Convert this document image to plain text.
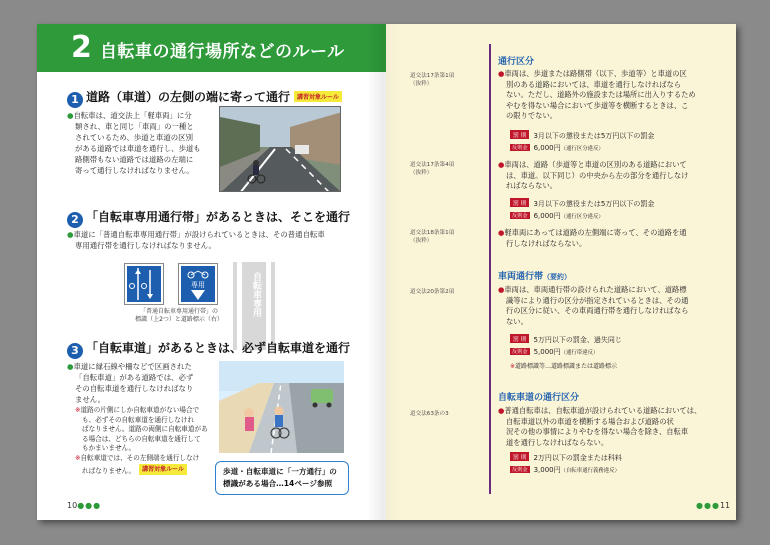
2 自転車の通行場所などのルール
1 道路（車道）の左側の端に寄って通行 講習対象ルール
●自転車は、道交法上「軽車両」に分
類され、車と同じ「車両」の一種と
されているため、歩道と車道の区別
がある道路では車道を通行し、歩道も
路側帯もない道路では道路の左端に
寄って通行しなければなりません。
2 「自転車専用通行帯」があるときは、そこを通行
●車道に「普通自転車専用通行帯」が設けられているときは、その普通自転車
専用通行帯を通行しなければなりません。
専用	自転車専用
「普通自転車専用通行帯」の
標識（上2つ）と道路標示（右）
3 「自転車道」があるときは、必ず自転車道を通行
●車道に縁石線や柵などで区画された
「自転車道」がある道路では、必ず
その自転車道を通行しなければなり
ません。
※道路の片側にしか自転車道がない場合で
も、必ずその自転車道を通行しなけれ
ばなりません。道路の両側に自転車道があ
る場合は、どちらの自転車道を通行して
もかまいません。
※自転車道では、その左側端を通行しなけ
ればなりません。 講習対象ルール	歩道・自転車道に「一方通行」の
標識がある場合…14ページ参照
10●●●
通行区分
道交法17条第1項
（抜粋）
●車両は、歩道または路側帯（以下、歩道等）と車道の区
別のある道路においては、車道を通行しなければなら
ない。ただし、道路外の施設または場所に出入りするため
やむを得ない場合において歩道等を横断するときは、こ
の限りでない。
罰 則 3月以下の懲役または5万円以下の罰金
反則金 6,000円（通行区分違反）
道交法17条第4項
（抜粋）
●車両は、道路（歩道等と車道の区別のある道路において
は、車道。以下同じ）の中央から左の部分を通行しなけ
ればならない。
罰 則 3月以下の懲役または5万円以下の罰金
反則金 6,000円（通行区分違反）
道交法18条第1項
（抜粋）
●軽車両にあっては道路の左側端に寄って、その道路を通
行しなければならない。
車両通行帯（要約）
道交法20条第2項	●車両は、車両通行帯の設けられた道路において、道路標
識等により通行の区分が指定されているときは、その通
行の区分に従い、その車両通行帯を通行しなければなら
ない。
罰 則 5万円以下の罰金、過失同じ
反則金 5,000円（通行帯違反）
※道路標識等…道路標識または道路標示
自転車道の通行区分
道交法63条の3	●普通自転車は、自転車道が設けられている道路においては、
自転車道以外の車道を横断する場合および道路の状
況その他の事情によりやむを得ない場合を除き、自転車
道を通行しなければならない。
罰 則 2万円以下の罰金または科料
反則金 3,000円（自転車通行義務違反）
●●●11
